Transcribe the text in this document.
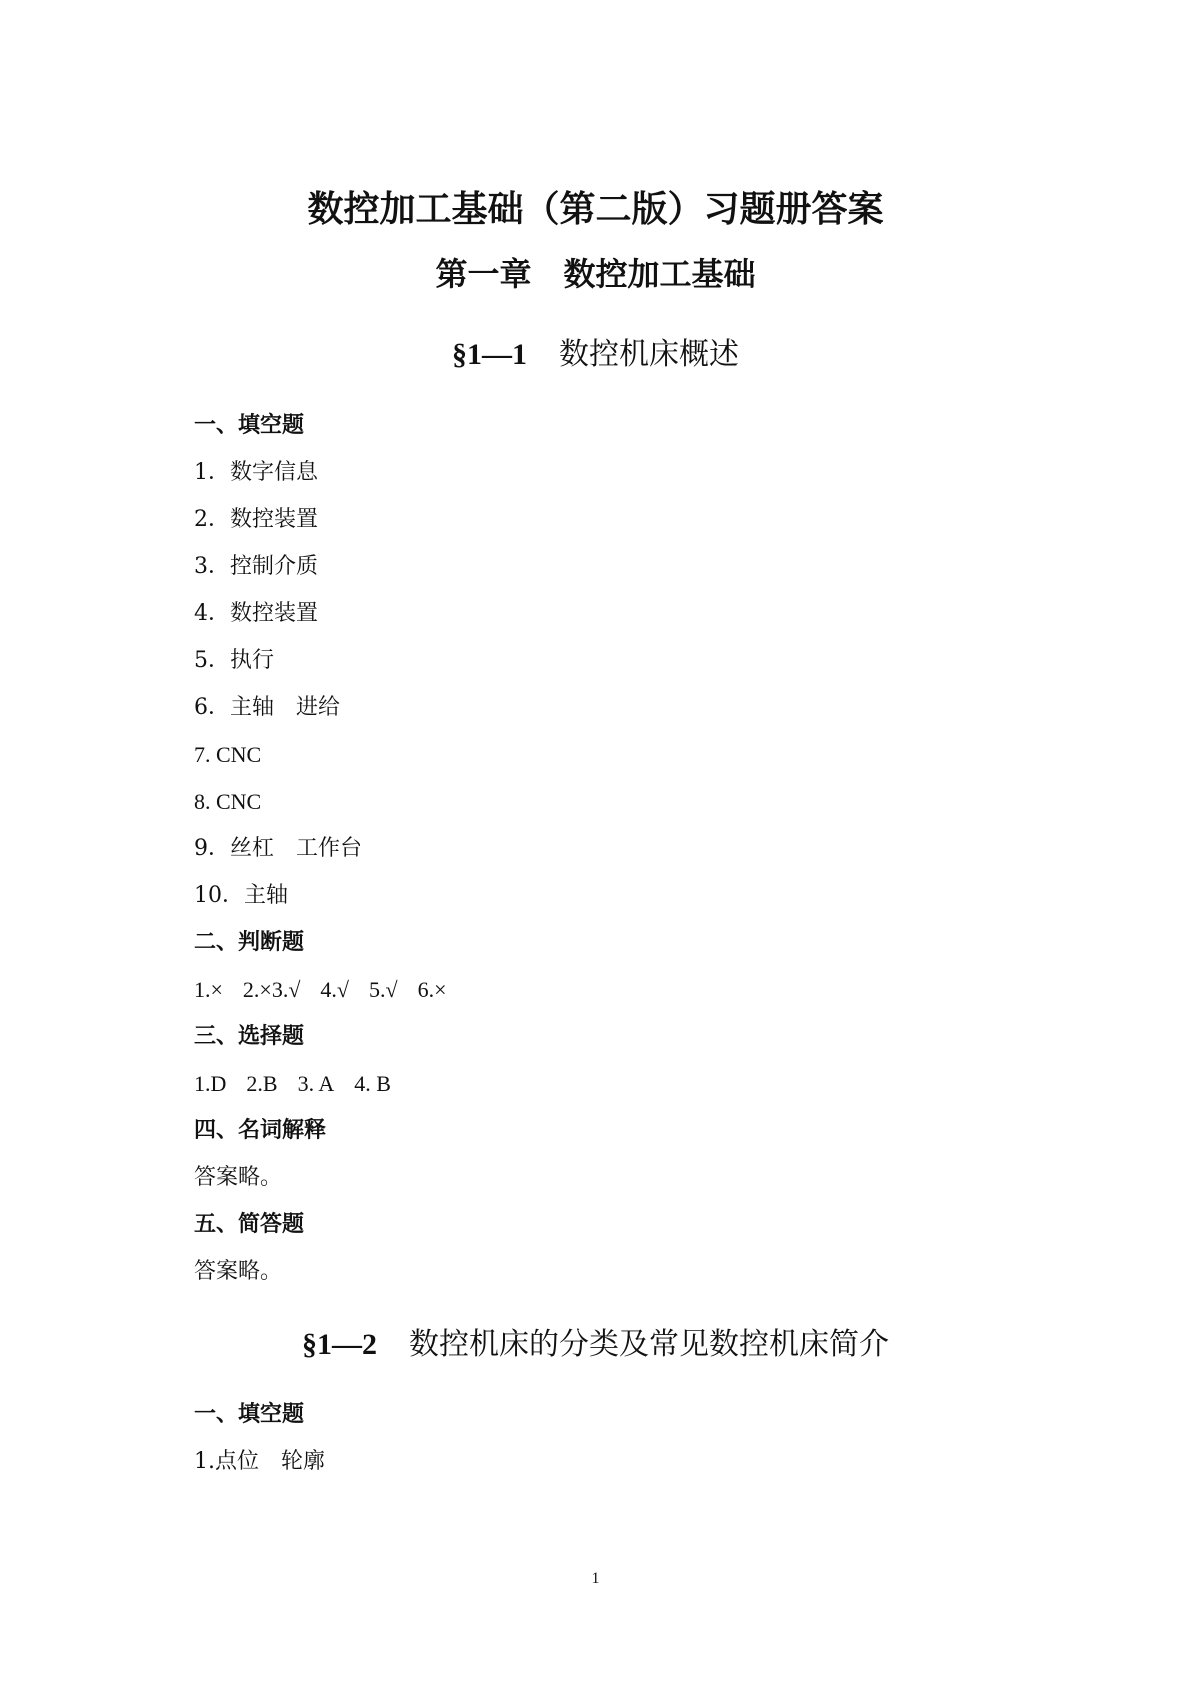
数控加工基础（第二版）习题册答案
第一章　数控加工基础
§1—1 数控机床概述
一、填空题
1．数字信息
2．数控装置
3．控制介质
4．数控装置
5．执行
6．主轴　进给
7. CNC
8. CNC
9．丝杠　工作台
10．主轴
二、判断题
1.× 2.×3.√ 4.√ 5.√ 6.×
三、选择题
1.D 2.B 3. A 4. B
四、名词解释
答案略。
五、简答题
答案略。
§1—2 数控机床的分类及常见数控机床简介
一、填空题
1.点位　轮廓
1
